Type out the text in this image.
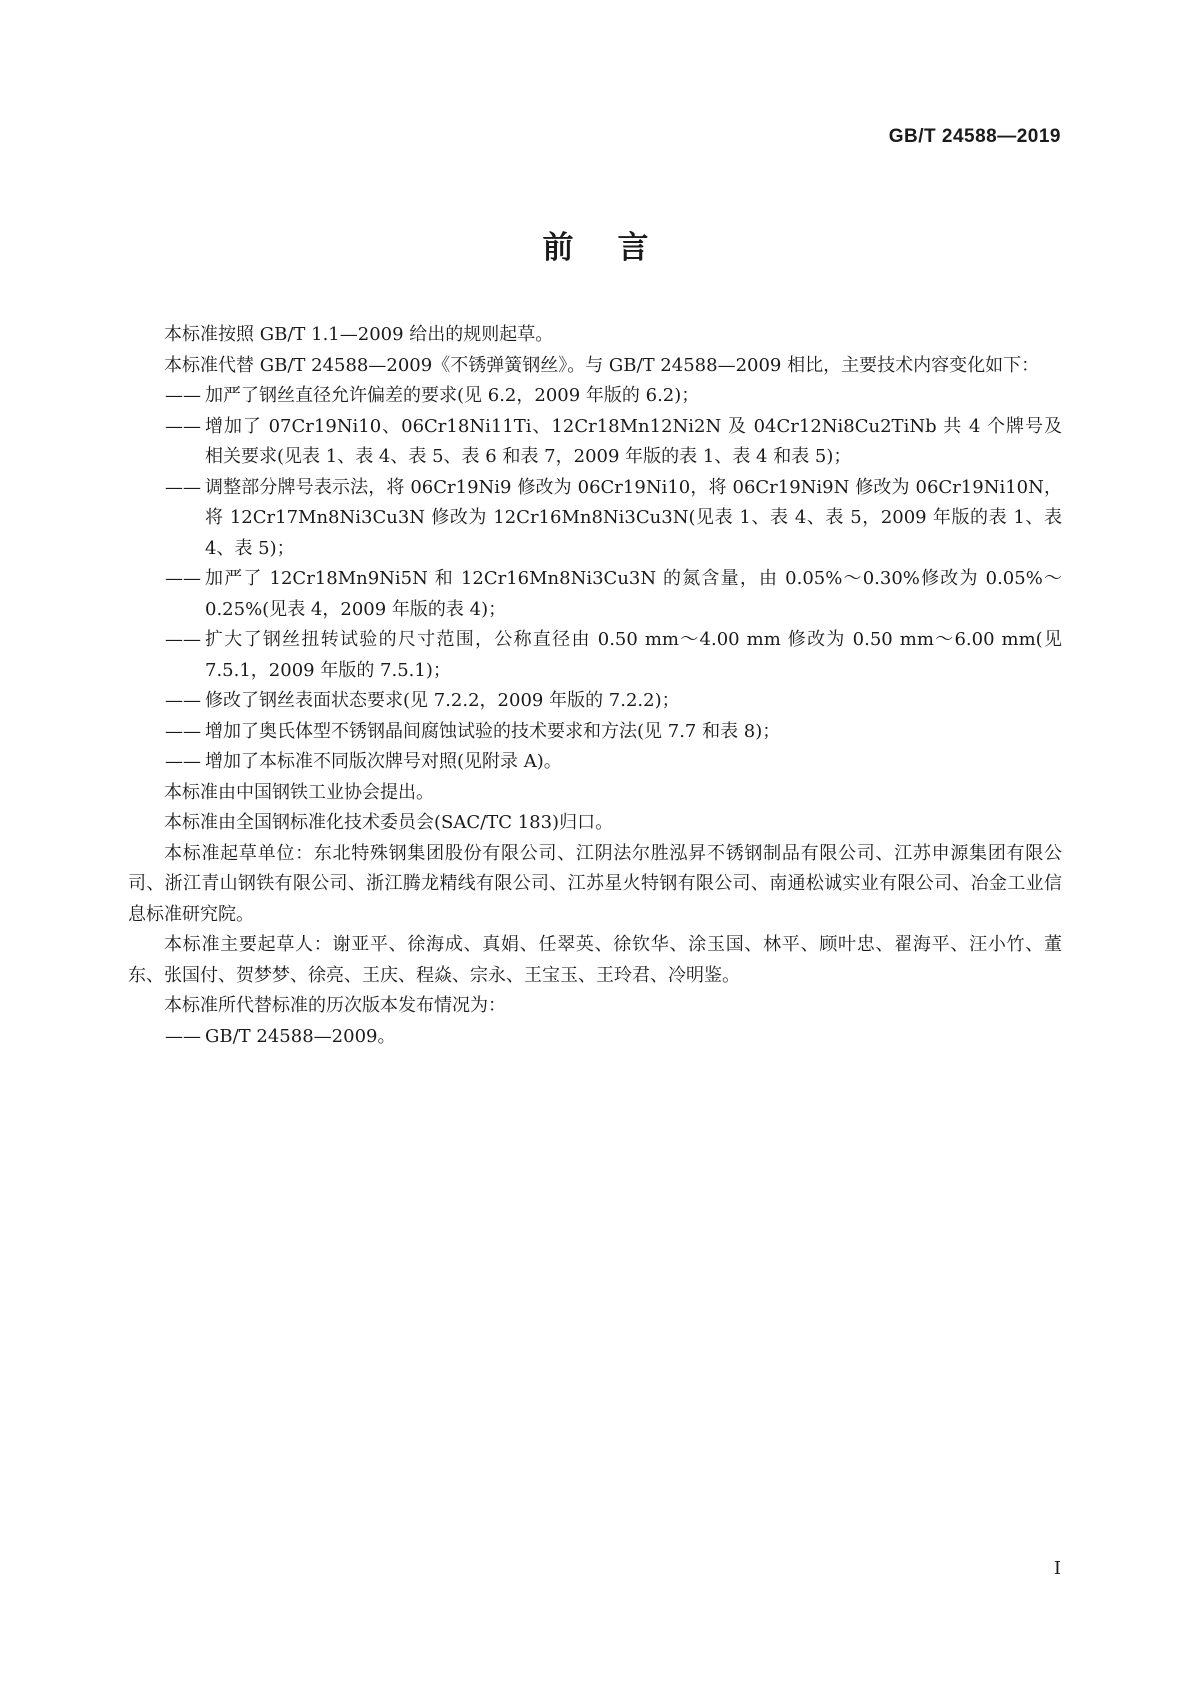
GB/T 24588—2019
前言

本标准按照 GB/T 1.1—2009 给出的规则起草。

本标准代替 GB/T 24588—2009《不锈弹簧钢丝》。与 GB/T 24588—2009 相比，主要技术内容变化如下：

—— 加严了钢丝直径允许偏差的要求(见 6.2，2009 年版的 6.2)；
—— 增加了 07Cr19Ni10、06Cr18Ni11Ti、12Cr18Mn12Ni2N 及 04Cr12Ni8Cu2TiNb 共 4 个牌号及相关要求(见表 1、表 4、表 5、表 6 和表 7，2009 年版的表 1、表 4 和表 5)；
—— 调整部分牌号表示法，将 06Cr19Ni9 修改为 06Cr19Ni10，将 06Cr19Ni9N 修改为 06Cr19Ni10N，将 12Cr17Mn8Ni3Cu3N 修改为 12Cr16Mn8Ni3Cu3N(见表 1、表 4、表 5，2009 年版的表 1、表 4、表 5)；
—— 加严了 12Cr18Mn9Ni5N 和 12Cr16Mn8Ni3Cu3N 的氮含量，由 0.05%～0.30%修改为 0.05%～0.25%(见表 4，2009 年版的表 4)；
—— 扩大了钢丝扭转试验的尺寸范围，公称直径由 0.50 mm～4.00 mm 修改为 0.50 mm～6.00 mm(见 7.5.1，2009 年版的 7.5.1)；
—— 修改了钢丝表面状态要求(见 7.2.2，2009 年版的 7.2.2)；
—— 增加了奥氏体型不锈钢晶间腐蚀试验的技术要求和方法(见 7.7 和表 8)；
—— 增加了本标准不同版次牌号对照(见附录 A)。

本标准由中国钢铁工业协会提出。

本标准由全国钢标准化技术委员会(SAC/TC 183)归口。

本标准起草单位：东北特殊钢集团股份有限公司、江阴法尔胜泓昇不锈钢制品有限公司、江苏申源集团有限公司、浙江青山钢铁有限公司、浙江腾龙精线有限公司、江苏星火特钢有限公司、南通松诚实业有限公司、冶金工业信息标准研究院。

本标准主要起草人：谢亚平、徐海成、真娟、任翠英、徐钦华、涂玉国、林平、顾叶忠、翟海平、汪小竹、董东、张国付、贺梦梦、徐亮、王庆、程焱、宗永、王宝玉、王玲君、冷明鉴。

本标准所代替标准的历次版本发布情况为：

—— GB/T 24588—2009。
I
